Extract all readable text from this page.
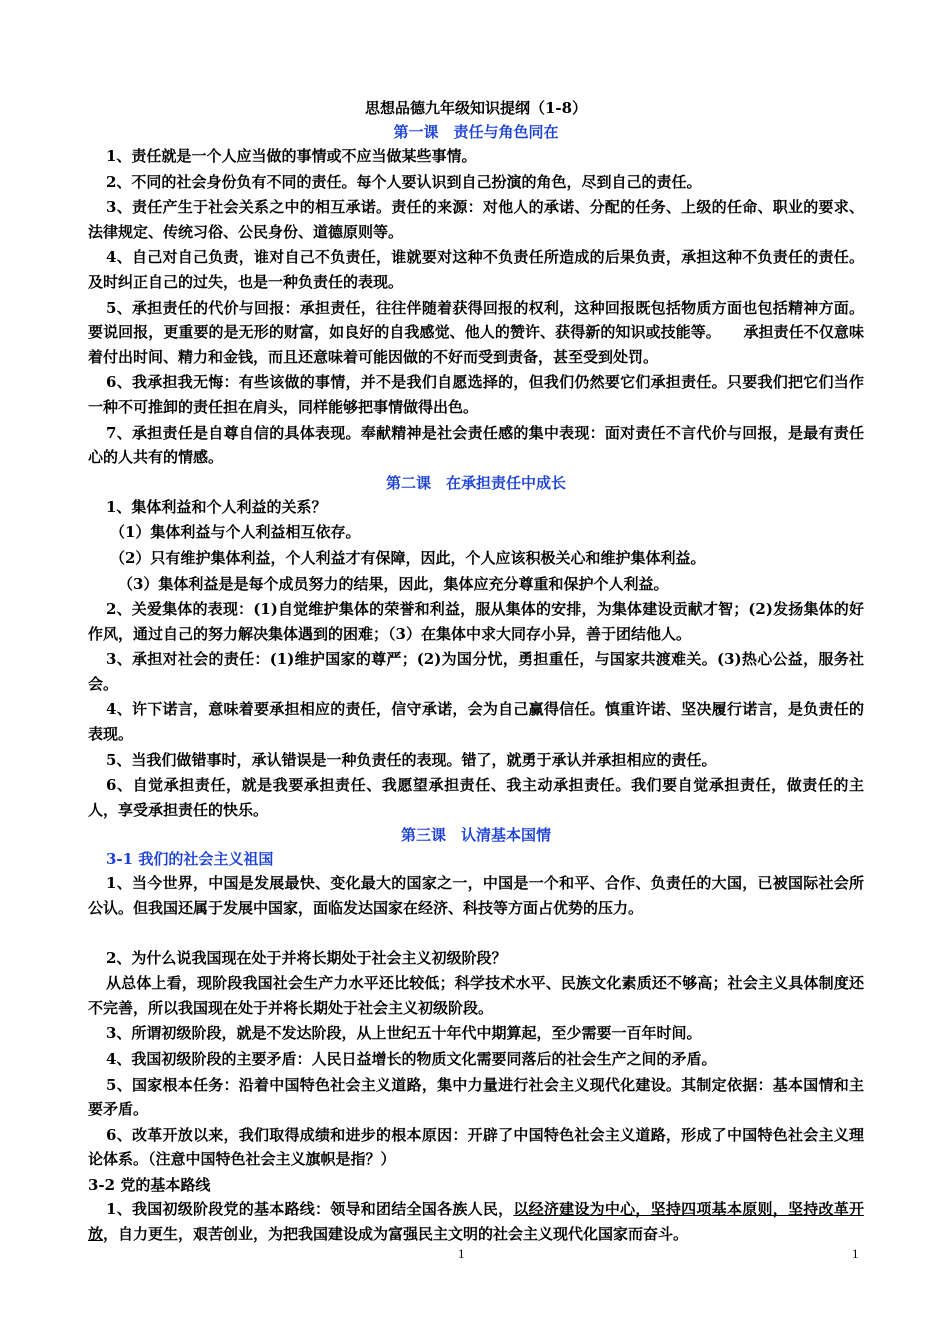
思想品德九年级知识提纲（1-8）
第一课　责任与角色同在

1、责任就是一个人应当做的事情或不应当做某些事情。

2、不同的社会身份负有不同的责任。每个人要认识到自己扮演的角色，尽到自己的责任。

3、责任产生于社会关系之中的相互承诺。责任的来源：对他人的承诺、分配的任务、上级的任命、职业的要求、法律规定、传统习俗、公民身份、道德原则等。

4、自己对自己负责，谁对自己不负责任，谁就要对这种不负责任所造成的后果负责，承担这种不负责任的责任。及时纠正自己的过失，也是一种负责任的表现。

5、承担责任的代价与回报：承担责任，往往伴随着获得回报的权利，这种回报既包括物质方面也包括精神方面。要说回报，更重要的是无形的财富，如良好的自我感觉、他人的赞许、获得新的知识或技能等。　　承担责任不仅意味着付出时间、精力和金钱，而且还意味着可能因做的不好而受到责备，甚至受到处罚。

6、我承担我无悔：有些该做的事情，并不是我们自愿选择的，但我们仍然要它们承担责任。只要我们把它们当作一种不可推卸的责任担在肩头，同样能够把事情做得出色。

7、承担责任是自尊自信的具体表现。奉献精神是社会责任感的集中表现：面对责任不言代价与回报，是最有责任心的人共有的情感。

第二课　在承担责任中成长

1、集体利益和个人利益的关系？

（1）集体利益与个人利益相互依存。

（2）只有维护集体利益，个人利益才有保障，因此，个人应该积极关心和维护集体利益。

（3）集体利益是是每个成员努力的结果，因此，集体应充分尊重和保护个人利益。

2、关爱集体的表现：(1)自觉维护集体的荣誉和利益，服从集体的安排，为集体建设贡献才智；(2)发扬集体的好作风，通过自己的努力解决集体遇到的困难；（3）在集体中求大同存小异，善于团结他人。

3、承担对社会的责任：(1)维护国家的尊严；(2)为国分忧，勇担重任，与国家共渡难关。(3)热心公益，服务社会。

4、许下诺言，意味着要承担相应的责任，信守承诺，会为自己赢得信任。慎重许诺、坚决履行诺言，是负责任的表现。

5、当我们做错事时，承认错误是一种负责任的表现。错了，就勇于承认并承担相应的责任。

6、自觉承担责任，就是我要承担责任、我愿望承担责任、我主动承担责任。我们要自觉承担责任，做责任的主人，享受承担责任的快乐。

第三课　认清基本国情
3-1 我们的社会主义祖国

1、当今世界，中国是发展最快、变化最大的国家之一，中国是一个和平、合作、负责任的大国，已被国际社会所公认。但我国还属于发展中国家，面临发达国家在经济、科技等方面占优势的压力。

2、为什么说我国现在处于并将长期处于社会主义初级阶段？

从总体上看，现阶段我国社会生产力水平还比较低；科学技术水平、民族文化素质还不够高；社会主义具体制度还不完善，所以我国现在处于并将长期处于社会主义初级阶段。

3、所谓初级阶段，就是不发达阶段，从上世纪五十年代中期算起，至少需要一百年时间。

4、我国初级阶段的主要矛盾：人民日益增长的物质文化需要同落后的社会生产之间的矛盾。

5、国家根本任务：沿着中国特色社会主义道路，集中力量进行社会主义现代化建设。其制定依据：基本国情和主要矛盾。

6、改革开放以来，我们取得成绩和进步的根本原因：开辟了中国特色社会主义道路，形成了中国特色社会主义理论体系。（注意中国特色社会主义旗帜是指？）

3-2 党的基本路线

1、我国初级阶段党的基本路线：领导和团结全国各族人民，以经济建设为中心，坚持四项基本原则，坚持改革开放，自力更生，艰苦创业，为把我国建设成为富强民主文明的社会主义现代化国家而奋斗。

1	1
